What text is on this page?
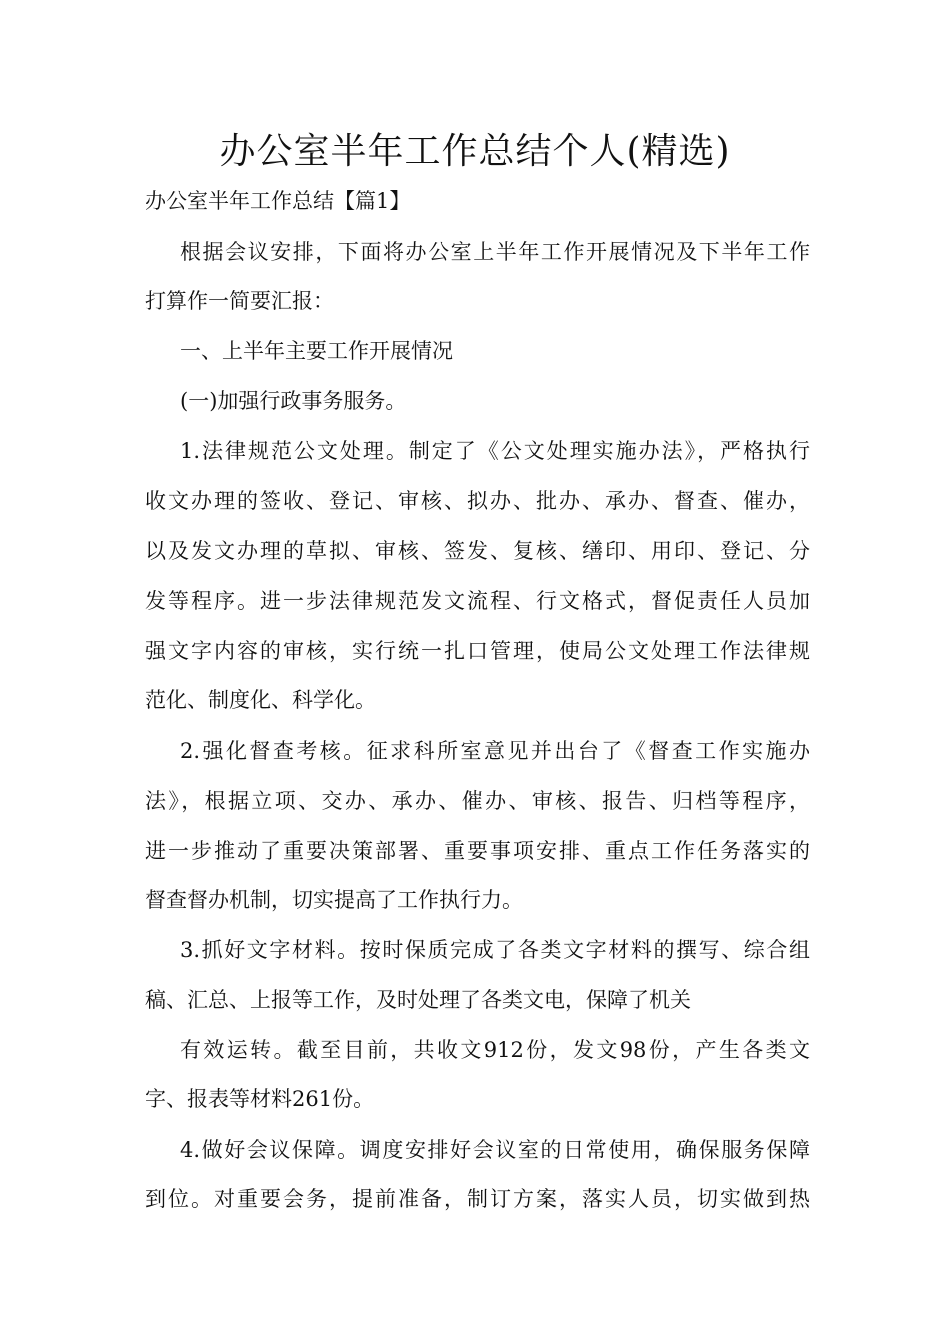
办公室半年工作总结个人(精选)

办公室半年工作总结【篇1】

根据会议安排，下面将办公室上半年工作开展情况及下半年工作

打算作一简要汇报：

一、上半年主要工作开展情况

(一)加强行政事务服务。

1.法律规范公文处理。制定了《公文处理实施办法》，严格执行

收文办理的签收、登记、审核、拟办、批办、承办、督查、催办，

以及发文办理的草拟、审核、签发、复核、缮印、用印、登记、分

发等程序。进一步法律规范发文流程、行文格式，督促责任人员加

强文字内容的审核，实行统一扎口管理，使局公文处理工作法律规

范化、制度化、科学化。

2.强化督查考核。征求科所室意见并出台了《督查工作实施办

法》，根据立项、交办、承办、催办、审核、报告、归档等程序，

进一步推动了重要决策部署、重要事项安排、重点工作任务落实的

督查督办机制，切实提高了工作执行力。

3.抓好文字材料。按时保质完成了各类文字材料的撰写、综合组

稿、汇总、上报等工作，及时处理了各类文电，保障了机关

有效运转。截至目前，共收文912份，发文98份，产生各类文

字、报表等材料261份。

4.做好会议保障。调度安排好会议室的日常使用，确保服务保障

到位。对重要会务，提前准备，制订方案，落实人员，切实做到热
